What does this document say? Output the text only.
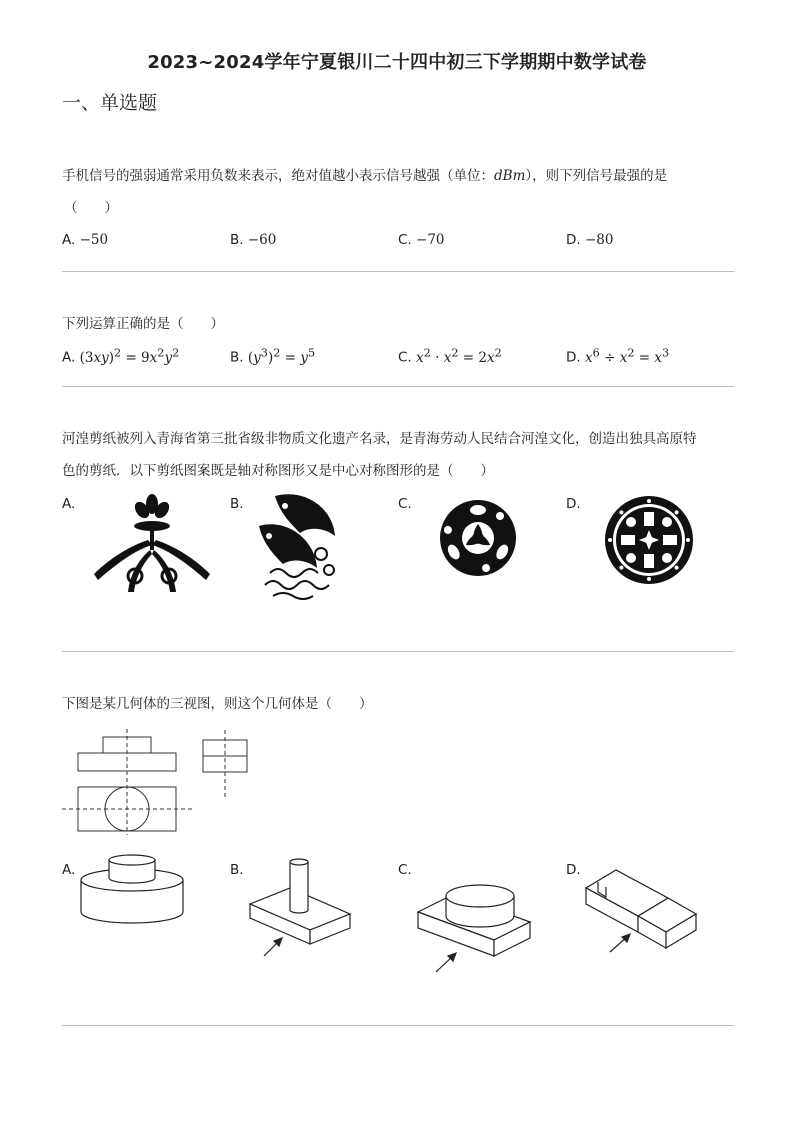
2023~2024学年宁夏银川二十四中初三下学期期中数学试卷
一、单选题
手机信号的强弱通常采用负数来表示，绝对值越小表示信号越强（单位：dBm），则下列信号最强的是
（　　）
A. −50	B. −60	C. −70	D. −80
下列运算正确的是（　　）
A. $(3xy)^2 = 9x^2y^2$	B. $(y^3)^2 = y^5$	C. $x^2 \cdot x^2 = 2x^2$	D. $x^6 \div x^2 = x^3$
河湟剪纸被列入青海省第三批省级非物质文化遗产名录，是青海劳动人民结合河湟文化，创造出独具高原特
色的剪纸．以下剪纸图案既是轴对称图形又是中心对称图形的是（　　）
A.	B.	C.	D.
下图是某几何体的三视图，则这个几何体是（　　）
A.	B.	C.	D.
